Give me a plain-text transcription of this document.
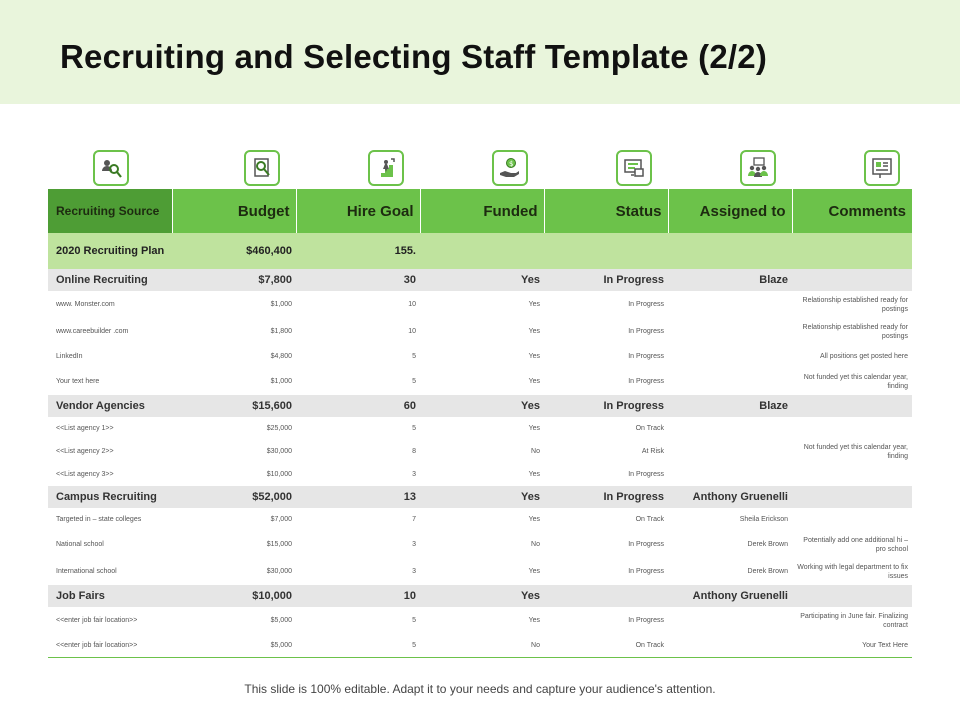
Recruiting and Selecting Staff Template (2/2)
$
Recruiting Source	Budget	Hire Goal	Funded	Status	Assigned to	Comments
2020 Recruiting Plan	$460,400	155.				
Online Recruiting	$7,800	30	Yes	In Progress	Blaze	
www. Monster.com	$1,000	10	Yes	In Progress		Relationship established ready for postings
www.careebuilder .com	$1,800	10	Yes	In Progress		Relationship established ready for postings
LinkedIn	$4,800	5	Yes	In Progress		All positions get posted here
Your text here	$1,000	5	Yes	In Progress		Not funded yet this calendar year, finding
Vendor Agencies	$15,600	60	Yes	In Progress	Blaze	
<<List agency 1>>	$25,000	5	Yes	On Track		
<<List agency 2>>	$30,000	8	No	At Risk		Not funded yet this calendar year, finding
<<List agency 3>>	$10,000	3	Yes	In Progress		
Campus Recruiting	$52,000	13	Yes	In Progress	Anthony Gruenelli	
Targeted in – state colleges	$7,000	7	Yes	On Track	Sheila Erickson	
National school	$15,000	3	No	In Progress	Derek Brown	Potentially add one additional hi – pro school
International school	$30,000	3	Yes	In Progress	Derek Brown	Working with legal department to fix issues
Job Fairs	$10,000	10	Yes		Anthony Gruenelli	
<<enter job fair location>>	$5,000	5	Yes	In Progress		Participating in June fair. Finalizing contract
<<enter job fair location>>	$5,000	5	No	On Track		Your Text Here
This slide is 100% editable. Adapt it to your needs and capture your audience's attention.
